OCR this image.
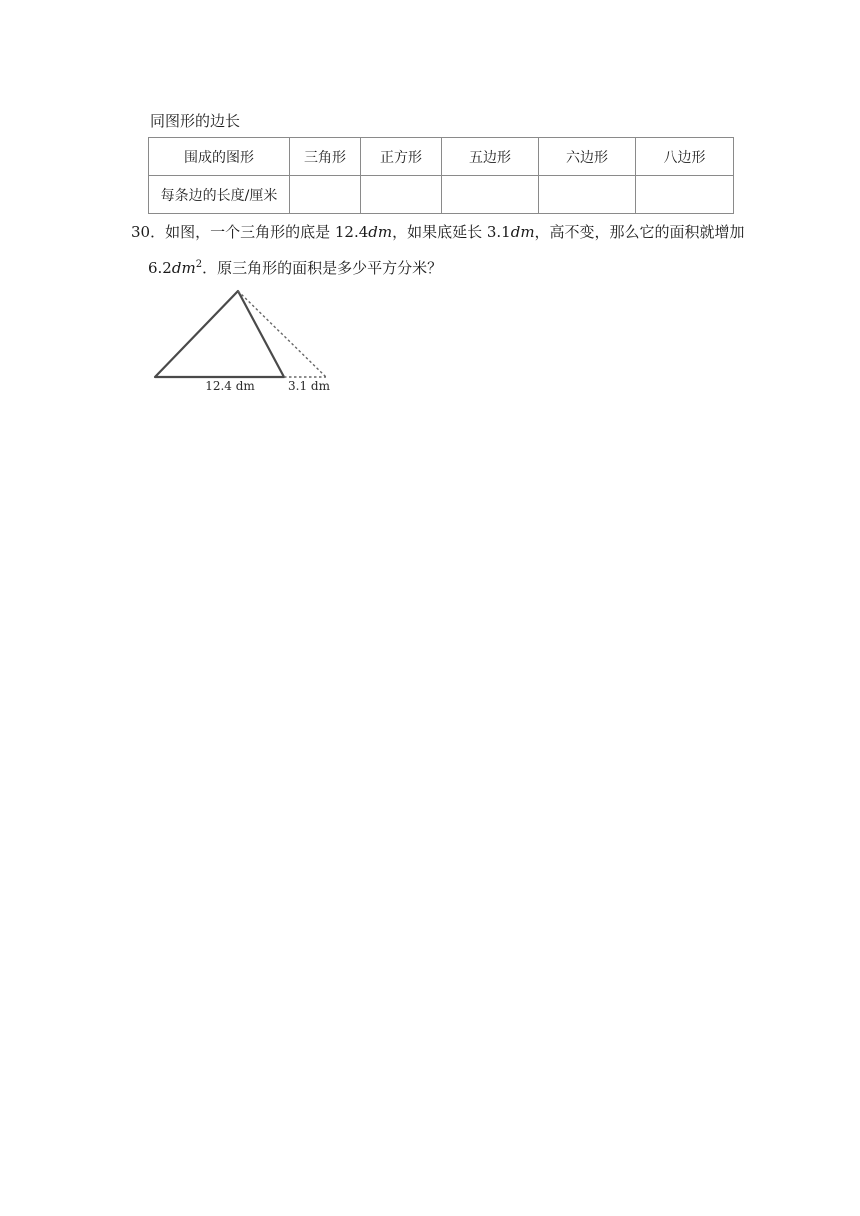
同图形的边长
围成的图形	三角形	正方形	五边形	六边形	八边形
每条边的长度/厘米					
30．如图，一个三角形的底是 12.4dm，如果底延长 3.1dm，高不变，那么它的面积就增加
$6.2dm^2$．原三角形的面积是多少平方分米？
12.4 dm	3.1 dm
